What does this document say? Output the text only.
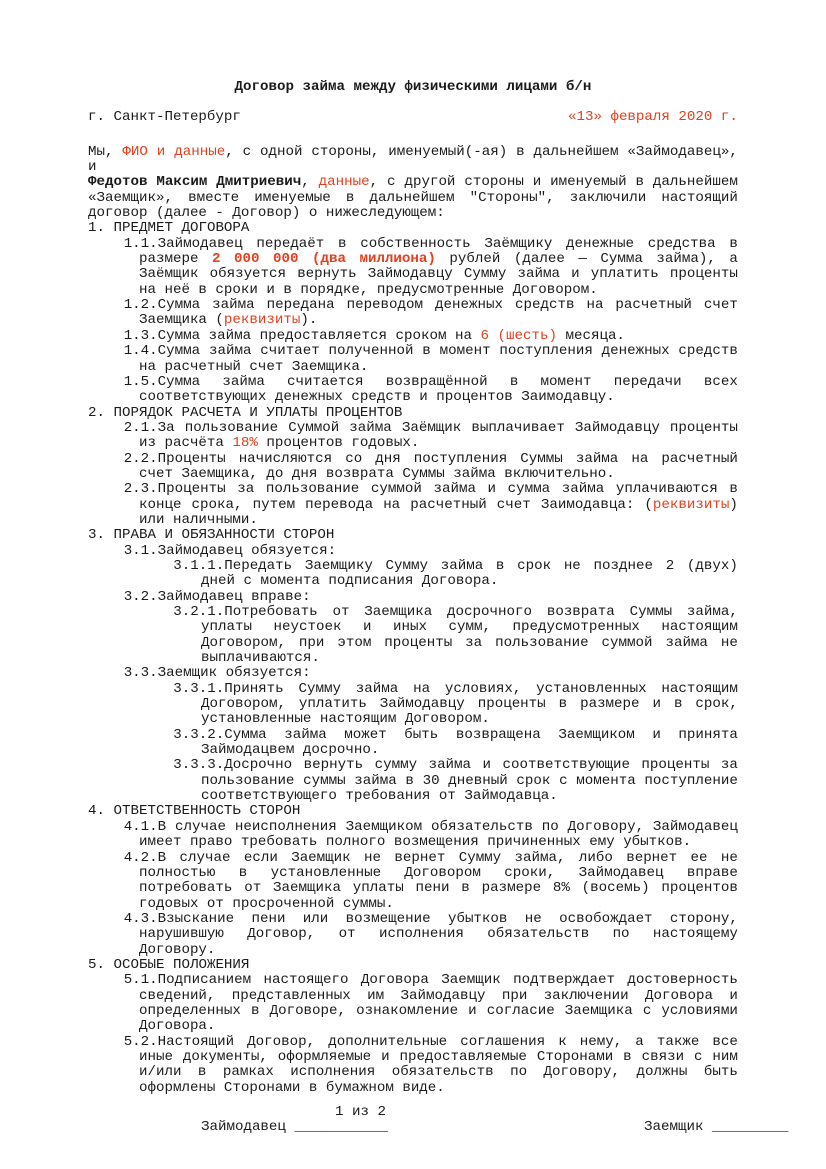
Договор займа между физическими лицами б/н
г. Санкт-Петербург	«13» февраля 2020 г.
Мы, ФИО и данные, с одной стороны, именуемый(-ая) в дальнейшем «Займодавец», и
Федотов Максим Дмитриевич, данные, с другой стороны и именуемый в дальнейшем «Заемщик», вместе именуемые в дальнейшем "Стороны", заключили настоящий договор (далее - Договор) о нижеследующем:
1. ПРЕДМЕТ ДОГОВОРА
1.1.Займодавец передаёт в собственность Заёмщику денежные средства в размере 2 000 000 (два миллиона) рублей (далее — Сумма займа), а Заёмщик обязуется вернуть Займодавцу Сумму займа и уплатить проценты на неё в сроки и в порядке, предусмотренные Договором.
1.2.Сумма займа передана переводом денежных средств на расчетный счет Заемщика (реквизиты).
1.3.Сумма займа предоставляется сроком на 6 (шесть) месяца.
1.4.Сумма займа считает полученной в момент поступления денежных средств на расчетный счет Заемщика.
1.5.Сумма займа считается возвращённой в момент передачи всех соответствующих денежных средств и процентов Заимодавцу.
2. ПОРЯДОК РАСЧЕТА И УПЛАТЫ ПРОЦЕНТОВ
2.1.За пользование Суммой займа Заёмщик выплачивает Займодавцу проценты из расчёта 18% процентов годовых.
2.2.Проценты начисляются со дня поступления Суммы займа на расчетный счет Заемщика, до дня возврата Суммы займа включительно.
2.3.Проценты за пользование суммой займа и сумма займа уплачиваются в конце срока, путем перевода на расчетный счет Заимодавца: (реквизиты) или наличными.
3. ПРАВА И ОБЯЗАННОСТИ СТОРОН
3.1.Займодавец обязуется:
3.1.1.Передать Заемщику Сумму займа в срок не позднее 2 (двух) дней с момента подписания Договора.
3.2.Займодавец вправе:
3.2.1.Потребовать от Заемщика досрочного возврата Суммы займа, уплаты неустоек и иных сумм, предусмотренных настоящим Договором, при этом проценты за пользование суммой займа не выплачиваются.
3.3.Заемщик обязуется:
3.3.1.Принять Сумму займа на условиях, установленных настоящим Договором, уплатить Займодавцу проценты в размере и в срок, установленные настоящим Договором.
3.3.2.Сумма займа может быть возвращена Заемщиком и принята Займодацвем досрочно.
3.3.3.Досрочно вернуть сумму займа и соответствующие проценты за пользование суммы займа в 30 дневный срок с момента поступление соответствующего требования от Займодавца.
4. ОТВЕТСТВЕННОСТЬ СТОРОН
4.1.В случае неисполнения Заемщиком обязательств по Договору, Займодавец имеет право требовать полного возмещения причиненных ему убытков.
4.2.В случае если Заемщик не вернет Сумму займа, либо вернет ее не полностью в установленные Договором сроки, Займодавец вправе потребовать от Заемщика уплаты пени в размере 8% (восемь) процентов годовых от просроченной суммы.
4.3.Взыскание пени или возмещение убытков не освобождает сторону, нарушившую Договор, от исполнения обязательств по настоящему Договору.
5. ОСОБЫЕ ПОЛОЖЕНИЯ
5.1.Подписанием настоящего Договора Заемщик подтверждает достоверность сведений, представленных им Займодавцу при заключении Договора и определенных в Договоре, ознакомление и согласие Заемщика с условиями Договора.
5.2.Настоящий Договор, дополнительные соглашения к нему, а также все иные документы, оформляемые и предоставляемые Сторонами в связи с ним и/или в рамках исполнения обязательств по Договору, должны быть оформлены Сторонами в бумажном виде.

Займодавец ___________

1 из 2

Заемщик _________
